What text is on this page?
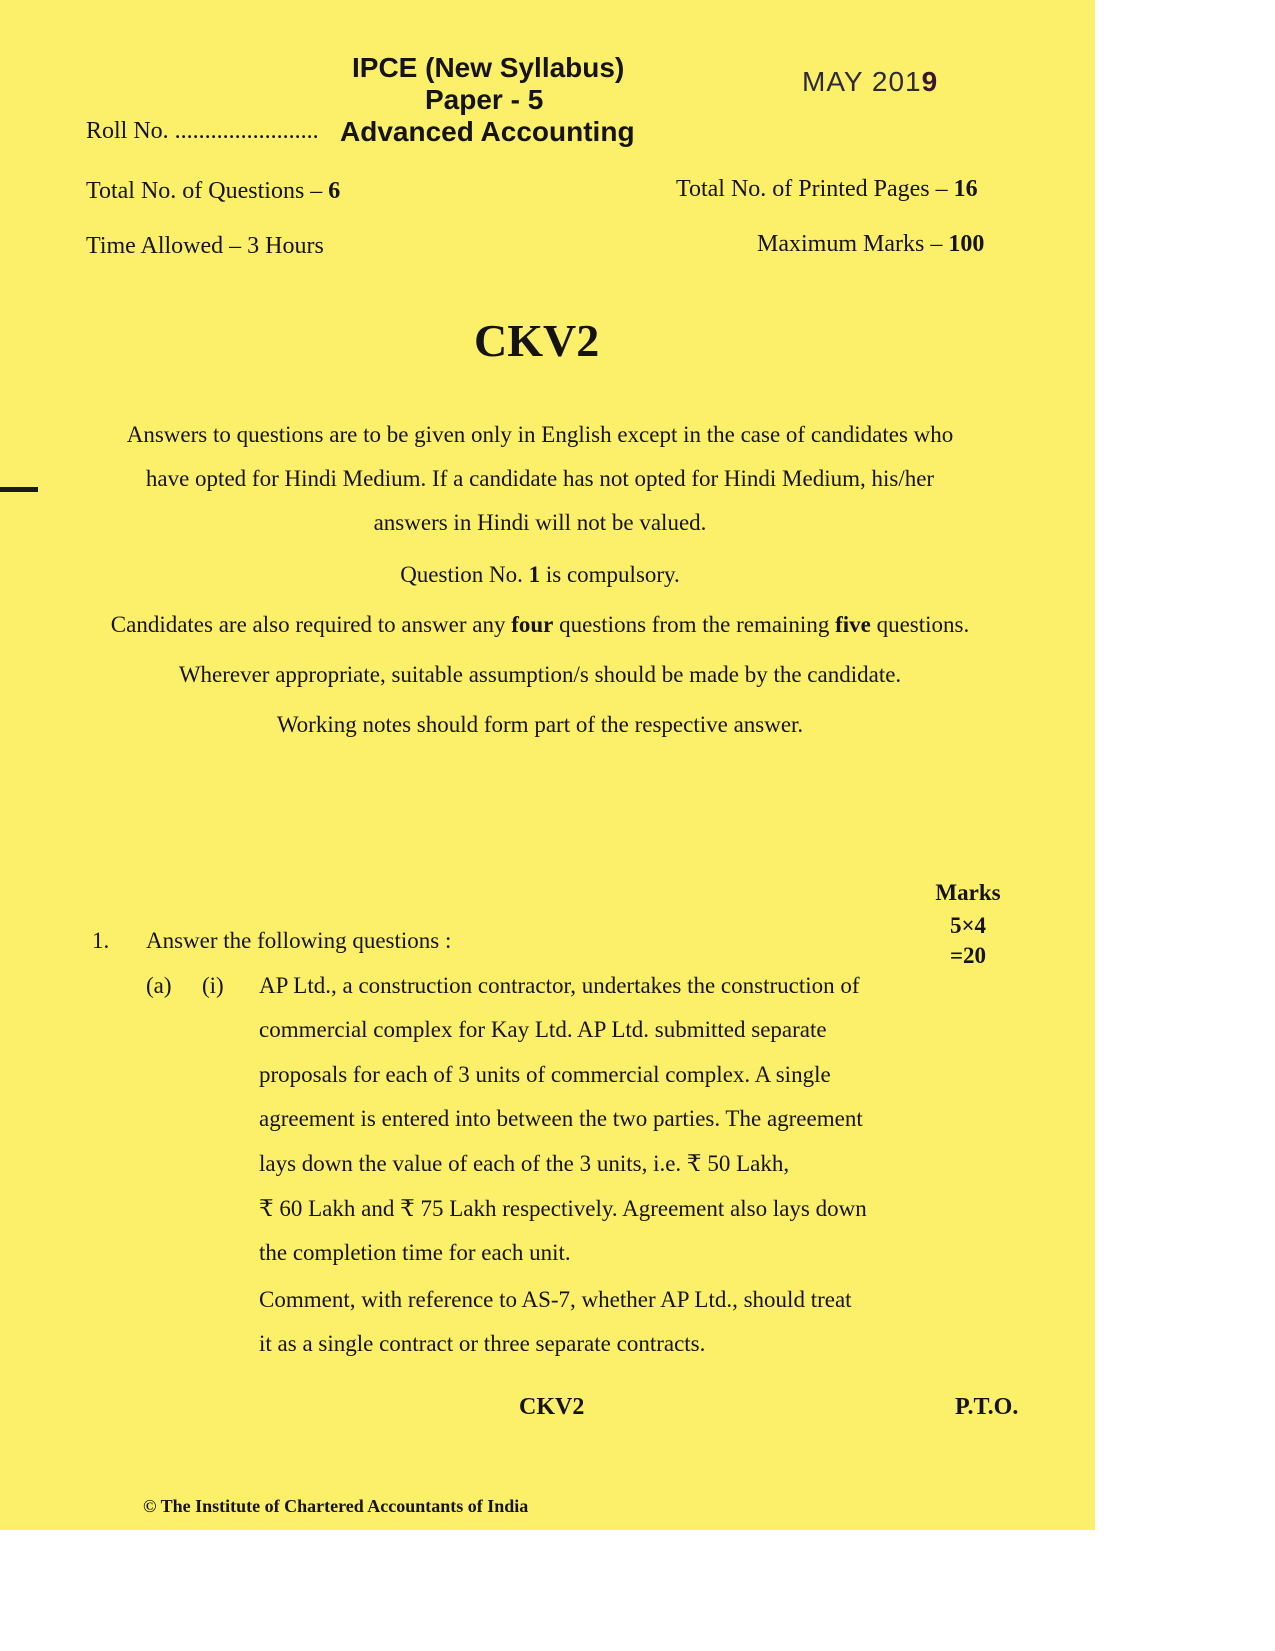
IPCE (New Syllabus)
Paper - 5
Advanced Accounting
MAY 2019
Roll No. ........................
Total No. of Questions – 6	Total No. of Printed Pages – 16
Time Allowed – 3 Hours	Maximum Marks – 100
CKV2
Answers to questions are to be given only in English except in the case of candidates who
have opted for Hindi Medium. If a candidate has not opted for Hindi Medium, his/her
answers in Hindi will not be valued.
Question No. 1 is compulsory.
Candidates are also required to answer any four questions from the remaining five questions.
Wherever appropriate, suitable assumption/s should be made by the candidate.
Working notes should form part of the respective answer.
Marks
5×4
=20
1. Answer the following questions :
(a) (i) AP Ltd., a construction contractor, undertakes the construction of
commercial complex for Kay Ltd. AP Ltd. submitted separate
proposals for each of 3 units of commercial complex. A single
agreement is entered into between the two parties. The agreement
lays down the value of each of the 3 units, i.e. ₹ 50 Lakh,
₹ 60 Lakh and ₹ 75 Lakh respectively. Agreement also lays down
the completion time for each unit.
Comment, with reference to AS-7, whether AP Ltd., should treat
it as a single contract or three separate contracts.
CKV2	P.T.O.
© The Institute of Chartered Accountants of India
